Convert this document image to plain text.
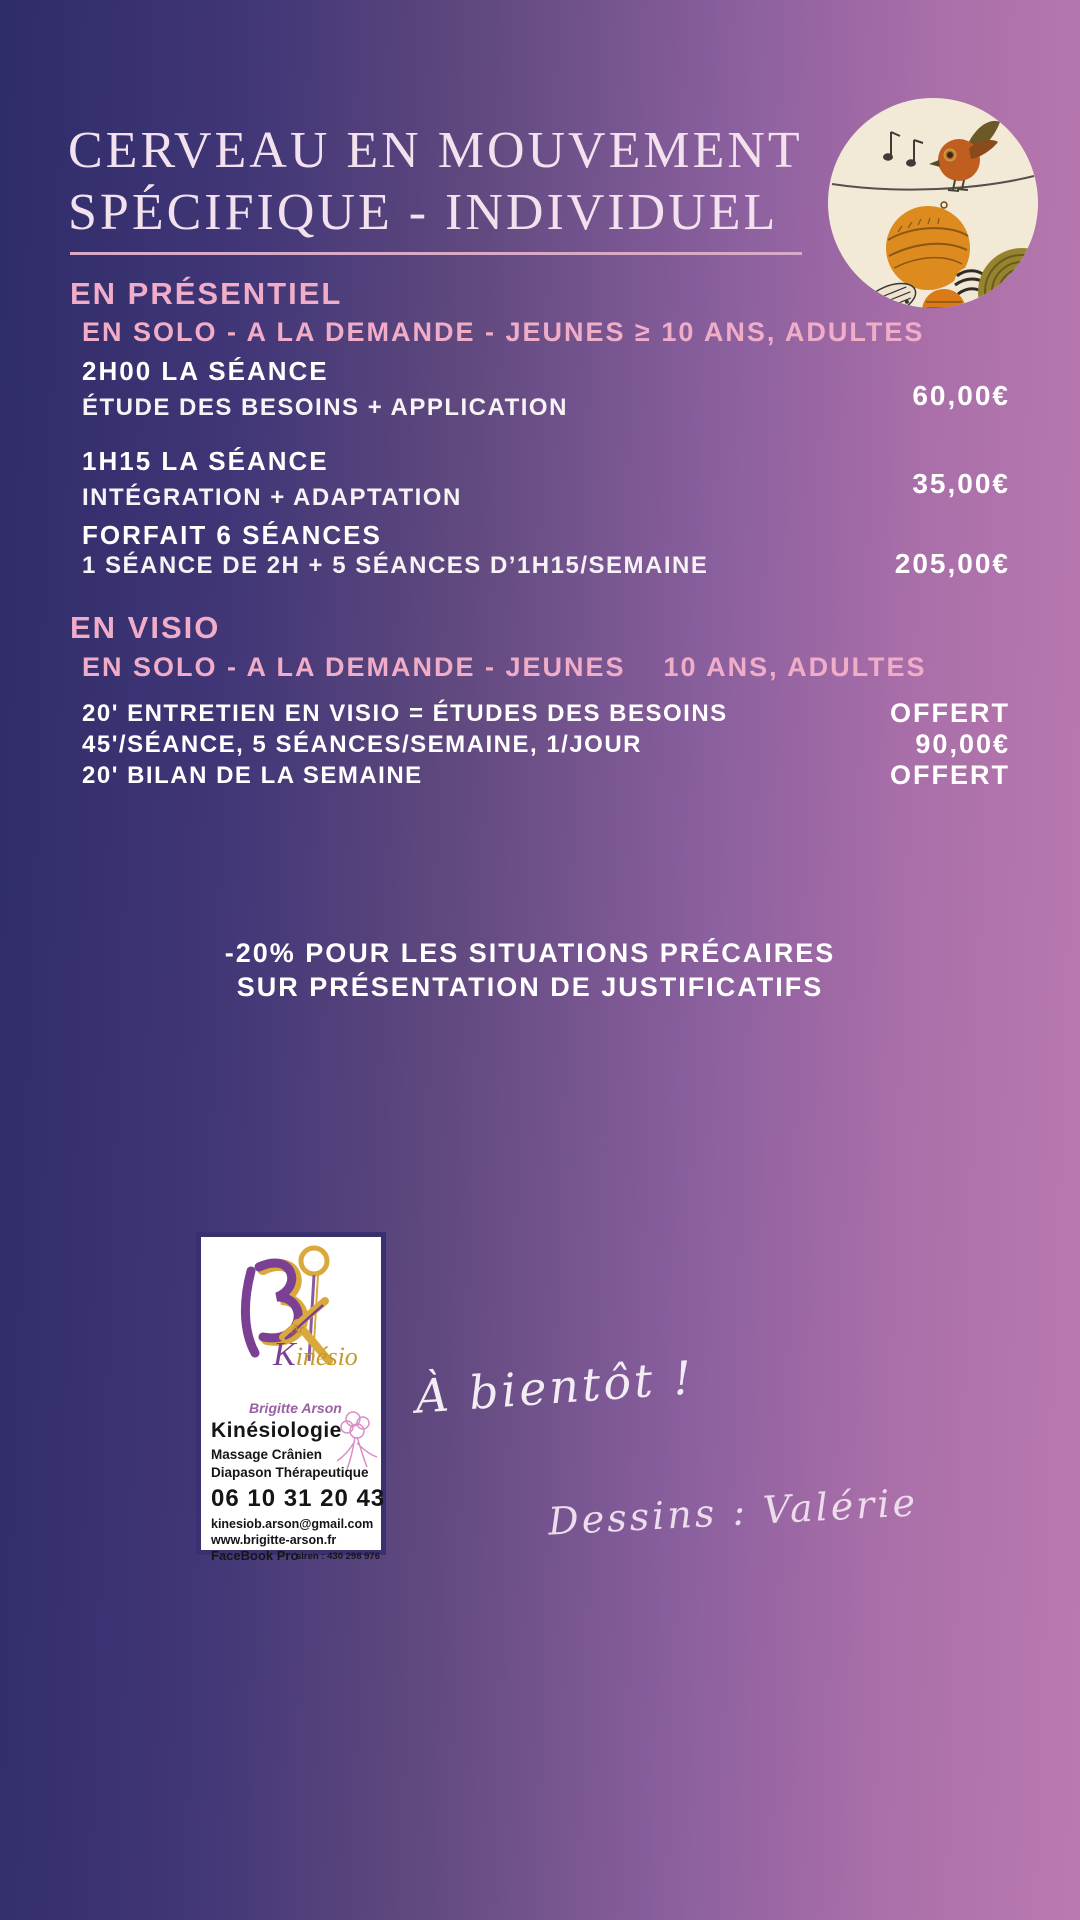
CERVEAU EN MOUVEMENT
SPÉCIFIQUE - INDIVIDUEL
EN PRÉSENTIEL
EN SOLO - A LA DEMANDE - JEUNES ≥ 10 ANS, ADULTES
2H00 LA SÉANCE
ÉTUDE DES BESOINS + APPLICATION	60,00€
1H15 LA SÉANCE
INTÉGRATION + ADAPTATION	35,00€
FORFAIT 6 SÉANCES
1 SÉANCE DE 2H + 5 SÉANCES D’1H15/SEMAINE	205,00€
EN VISIO
EN SOLO - A LA DEMANDE - JEUNES    10 ANS, ADULTES
20' ENTRETIEN EN VISIO = ÉTUDES DES BESOINS	OFFERT
45'/SÉANCE, 5 SÉANCES/SEMAINE, 1/JOUR	90,00€
20' BILAN DE LA SEMAINE	OFFERT
-20% POUR LES SITUATIONS PRÉCAIRES
SUR PRÉSENTATION DE JUSTIFICATIFS
Ar
Kinésio
Brigitte Arson
Kinésiologie
Massage Crânien
Diapason Thérapeutique
06 10 31 20 43
kinesiob.arson@gmail.com
www.brigitte-arson.fr
FaceBook Pro
siren : 430 298 976
À bientôt !
Dessins : Valérie
